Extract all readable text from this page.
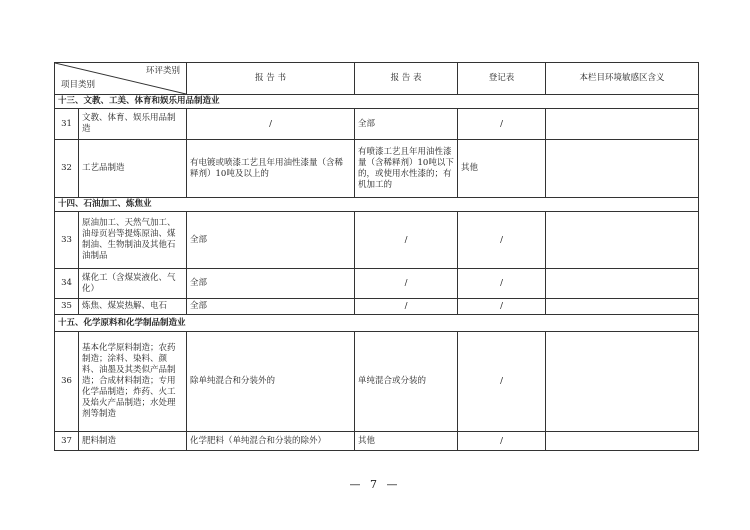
环评类别
项目类别		报 告 书	报 告 表	登记表	本栏目环境敏感区含义
十三、文教、工美、体育和娱乐用品制造业					
31	文教、体育、娱乐用品制造	/	全部	/	
32	工艺品制造	有电镀或喷漆工艺且年用油性漆量（含稀释剂）10吨及以上的	有喷漆工艺且年用油性漆量（含稀释剂）10吨以下的，或使用水性漆的；有机加工的	其他	
十四、石油加工、炼焦业					
33	原油加工、天然气加工、油母页岩等提炼原油、煤制油、生物制油及其他石油制品	全部	/	/	
34	煤化工（含煤炭液化、气化）	全部	/	/	
35	炼焦、煤炭热解、电石	全部	/	/	
十五、化学原料和化学制品制造业					
36	基本化学原料制造；农药制造；涂料、染料、颜料、油墨及其类似产品制造；合成材料制造；专用化学品制造；炸药、火工及焰火产品制造；水处理剂等制造	除单纯混合和分装外的	单纯混合或分装的	/	
37	肥料制造	化学肥料（单纯混合和分装的除外）	其他	/	
— 7 —
